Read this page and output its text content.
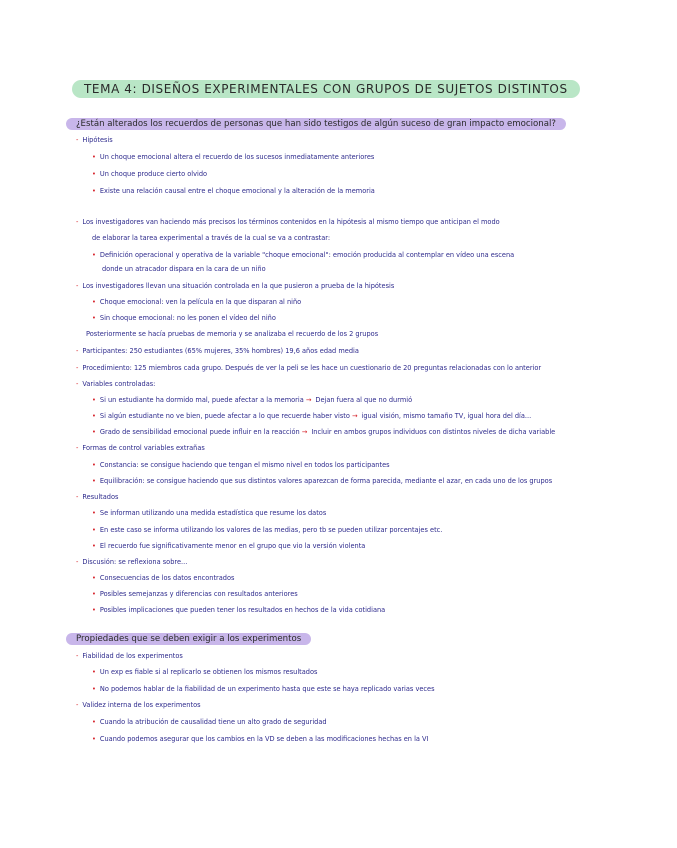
TEMA 4: DISEÑOS EXPERIMENTALES CON GRUPOS DE SUJETOS DISTINTOS
¿Están alterados los recuerdos de personas que han sido testigos de algún suceso de gran impacto emocional?
- Hipótesis
• Un choque emocional altera el recuerdo de los sucesos inmediatamente anteriores
• Un choque produce cierto olvido
• Existe una relación causal entre el choque emocional y la alteración de la memoria
- Los investigadores van haciendo más precisos los términos contenidos en la hipótesis al mismo tiempo que anticipan el modo
de elaborar la tarea experimental a través de la cual se va a contrastar:
• Definición operacional y operativa de la variable "choque emocional": emoción producida al contemplar en vídeo una escena
donde un atracador dispara en la cara de un niño
- Los investigadores llevan una situación controlada en la que pusieron a prueba de la hipótesis
• Choque emocional: ven la película en la que disparan al niño
• Sin choque emocional: no les ponen el vídeo del niño
Posteriormente se hacía pruebas de memoria y se analizaba el recuerdo de los 2 grupos
- Participantes: 250 estudiantes (65% mujeres, 35% hombres) 19,6 años edad media
- Procedimiento: 125 miembros cada grupo. Después de ver la peli se les hace un cuestionario de 20 preguntas relacionadas con lo anterior
- Variables controladas:
• Si un estudiante ha dormido mal, puede afectar a la memoria → Dejan fuera al que no durmió
• Si algún estudiante no ve bien, puede afectar a lo que recuerde haber visto → igual visión, mismo tamaño TV, igual hora del día...
• Grado de sensibilidad emocional puede influir en la reacción → Incluir en ambos grupos individuos con distintos niveles de dicha variable
- Formas de control variables extrañas
• Constancia: se consigue haciendo que tengan el mismo nivel en todos los participantes
• Equilibración: se consigue haciendo que sus distintos valores aparezcan de forma parecida, mediante el azar, en cada uno de los grupos
- Resultados
• Se informan utilizando una medida estadística que resume los datos
• En este caso se informa utilizando los valores de las medias, pero tb se pueden utilizar porcentajes etc.
• El recuerdo fue significativamente menor en el grupo que vio la versión violenta
- Discusión: se reflexiona sobre...
• Consecuencias de los datos encontrados
• Posibles semejanzas y diferencias con resultados anteriores
• Posibles implicaciones que pueden tener los resultados en hechos de la vida cotidiana
Propiedades que se deben exigir a los experimentos
- Fiabilidad de los experimentos
• Un exp es fiable si al replicarlo se obtienen los mismos resultados
• No podemos hablar de la fiabilidad de un experimento hasta que este se haya replicado varias veces
- Validez interna de los experimentos
• Cuando la atribución de causalidad tiene un alto grado de seguridad
• Cuando podemos asegurar que los cambios en la VD se deben a las modificaciones hechas en la VI
